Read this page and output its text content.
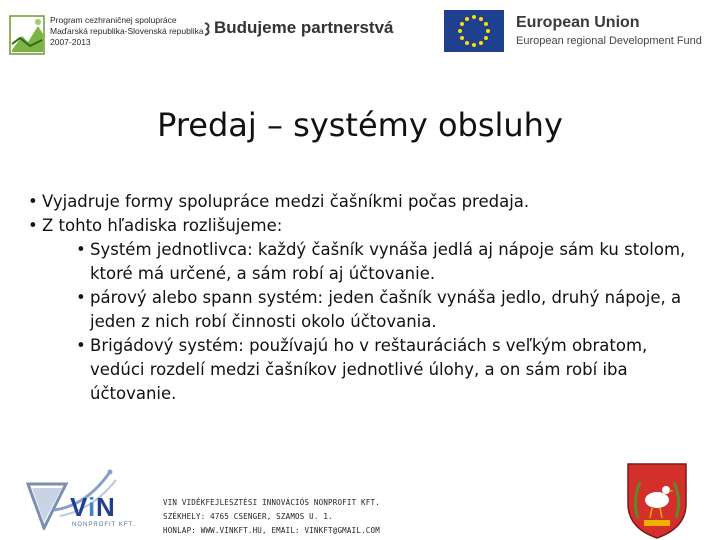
Program cezhraničnej spolupráce
Maďarská republika-Slovenská republika
2007-2013
Budujeme partnerstvá	European Union
European regional Development Fund
Predaj – systémy obsluhy
• Vyjadruje formy spolupráce medzi čašníkmi počas predaja.
• Z tohto hľadiska rozlišujeme:
• Systém jednotlivca: každý čašník vynáša jedlá aj nápoje sám ku stolom, ktoré má určené, a sám robí aj účtovanie.
• párový alebo spann systém: jeden čašník vynáša jedlo, druhý nápoje, a jeden z nich robí činnosti okolo účtovania.
• Brigádový systém: používajú ho v reštauráciách s veľkým obratom, vedúci rozdelí medzi čašníkov jednotlivé úlohy, a on sám robí iba účtovanie.
V i N
NONPROFIT KFT.
VIN VIDÉKFEJLESZTÉSI INNOVÁCIÓS NONPROFIT KFT.
SZÉKHELY: 4765 CSENGER, SZAMOS U. 1.
HONLAP: WWW.VINKFT.HU, EMAIL: VINKFT@GMAIL.COM
